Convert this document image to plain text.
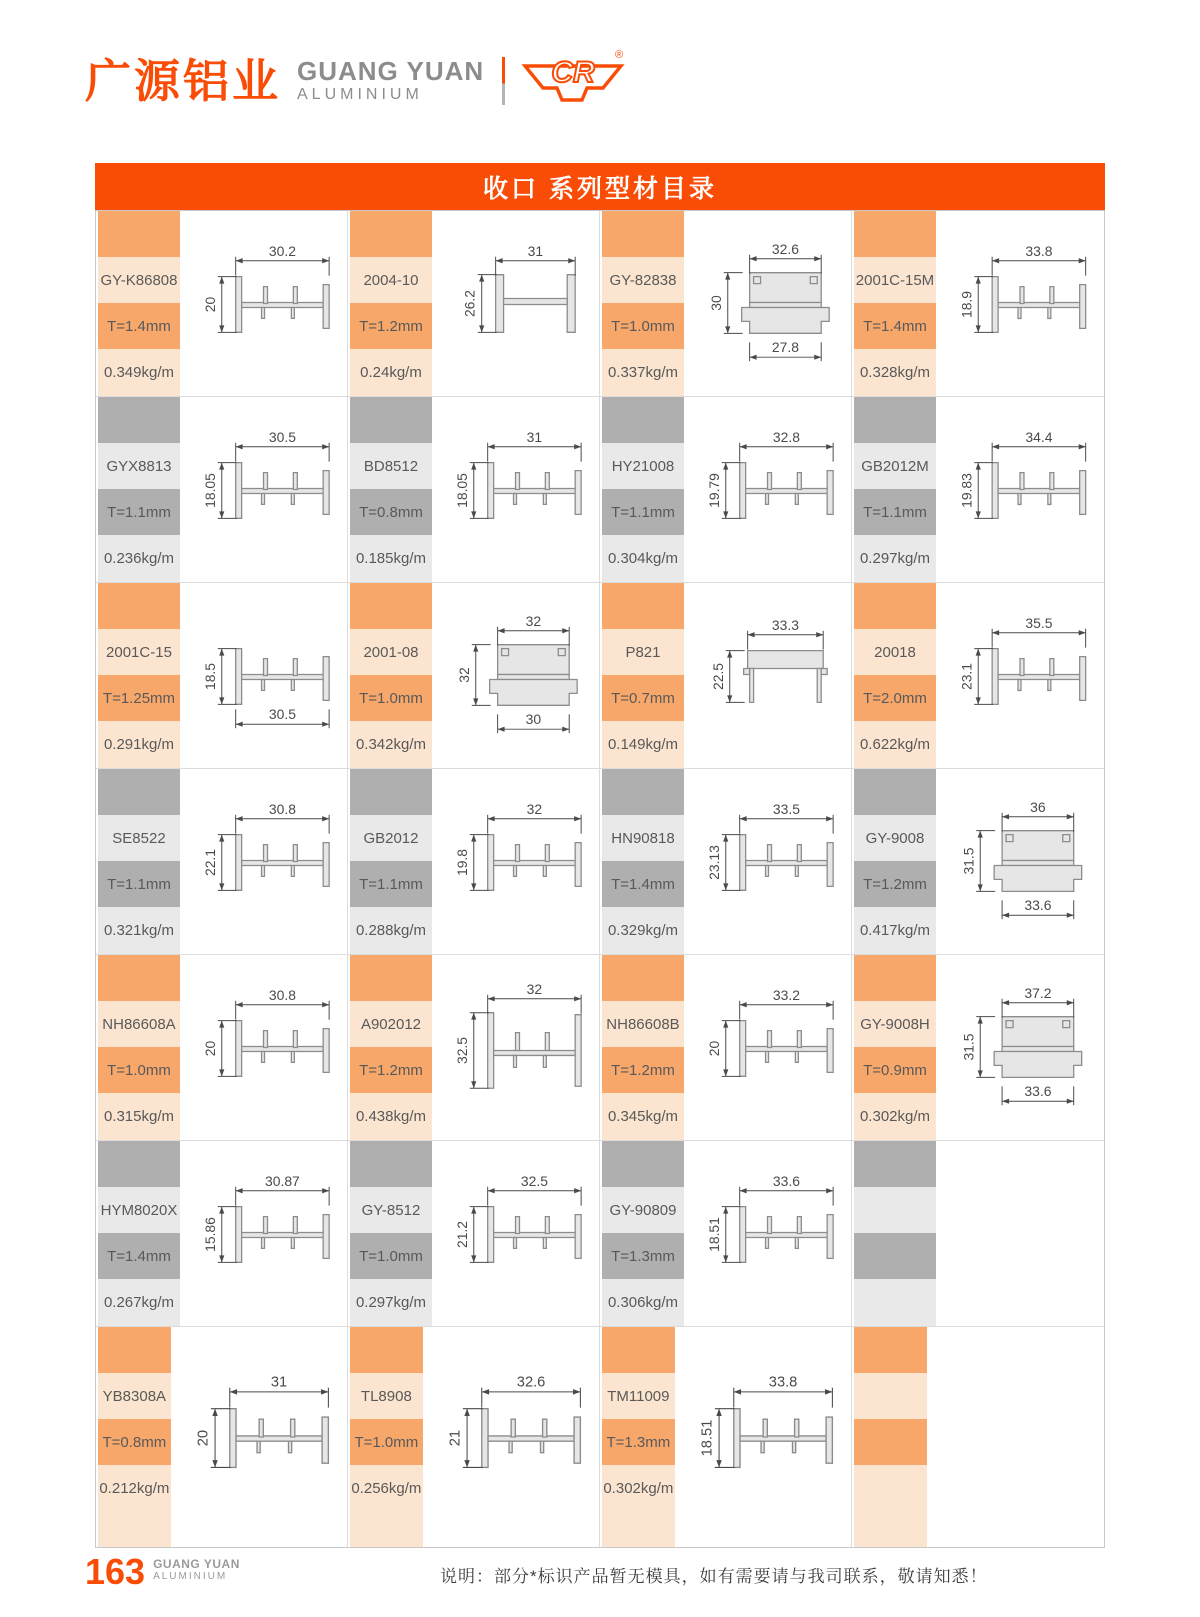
广源铝业 GUANG YUAN
ALUMINIUM
CR
®
收口 系列型材目录
GY-K86808
T=1.4mm
0.349kg/m
30.2
20
2004-10
T=1.2mm
0.24kg/m
31
26.2
GY-82838
T=1.0mm
0.337kg/m
32.6
27.8
30
2001C-15M
T=1.4mm
0.328kg/m
33.8
18.9
GYX8813
T=1.1mm
0.236kg/m
30.5
18.05
BD8512
T=0.8mm
0.185kg/m
31
18.05
HY21008
T=1.1mm
0.304kg/m
32.8
19.79
GB2012M
T=1.1mm
0.297kg/m
34.4
19.83
2001C-15
T=1.25mm
0.291kg/m
30.5
18.5
2001-08
T=1.0mm
0.342kg/m
32
30
32
P821
T=0.7mm
0.149kg/m
33.3
22.5
20018
T=2.0mm
0.622kg/m
35.5
23.1
SE8522
T=1.1mm
0.321kg/m
30.8
22.1
GB2012
T=1.1mm
0.288kg/m
32
19.8
HN90818
T=1.4mm
0.329kg/m
33.5
23.13
GY-9008
T=1.2mm
0.417kg/m
36
33.6
31.5
NH86608A
T=1.0mm
0.315kg/m
30.8
20
A902012
T=1.2mm
0.438kg/m
32
32.5
NH86608B
T=1.2mm
0.345kg/m
33.2
20
GY-9008H
T=0.9mm
0.302kg/m
37.2
33.6
31.5
HYM8020X
T=1.4mm
0.267kg/m
30.87
15.86
GY-8512
T=1.0mm
0.297kg/m
32.5
21.2
GY-90809
T=1.3mm
0.306kg/m
33.6
18.51
YB8308A
T=0.8mm
0.212kg/m
31
20
TL8908
T=1.0mm
0.256kg/m
32.6
21
TM11009
T=1.3mm
0.302kg/m
33.8
18.51
163 GUANG YUAN
ALUMINIUM	说明：部分*标识产品暂无模具，如有需要请与我司联系，敬请知悉！
